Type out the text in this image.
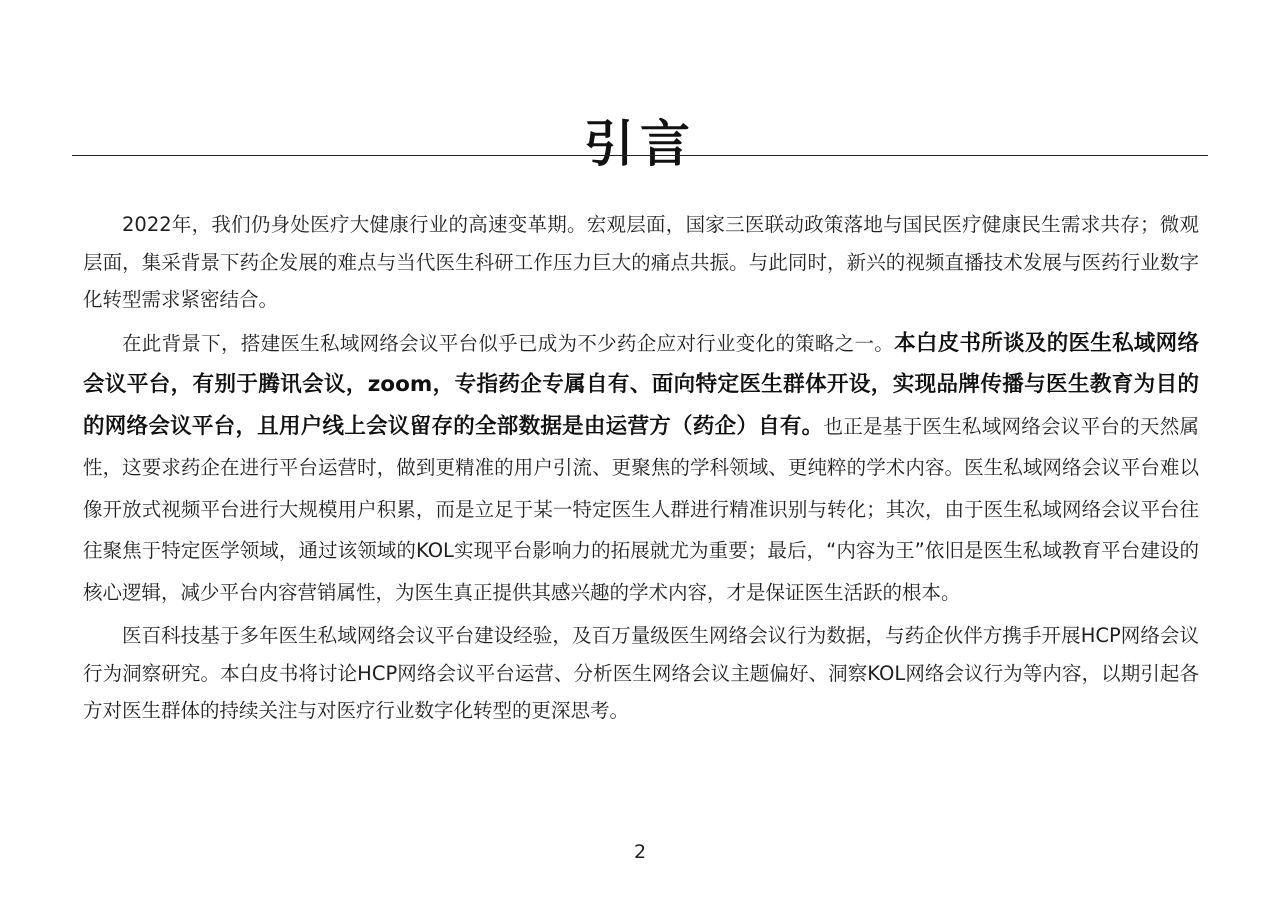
引言

2022年，我们仍身处医疗大健康行业的高速变革期。宏观层面，国家三医联动政策落地与国民医疗健康民生需求共存；微观层面，集采背景下药企发展的难点与当代医生科研工作压力巨大的痛点共振。与此同时，新兴的视频直播技术发展与医药行业数字化转型需求紧密结合。

在此背景下，搭建医生私域网络会议平台似乎已成为不少药企应对行业变化的策略之一。本白皮书所谈及的医生私域网络会议平台，有别于腾讯会议，zoom，专指药企专属自有、面向特定医生群体开设，实现品牌传播与医生教育为目的的网络会议平台，且用户线上会议留存的全部数据是由运营方（药企）自有。也正是基于医生私域网络会议平台的天然属性，这要求药企在进行平台运营时，做到更精准的用户引流、更聚焦的学科领域、更纯粹的学术内容。医生私域网络会议平台难以像开放式视频平台进行大规模用户积累，而是立足于某一特定医生人群进行精准识别与转化；其次，由于医生私域网络会议平台往往聚焦于特定医学领域，通过该领域的KOL实现平台影响力的拓展就尤为重要；最后，“内容为王”依旧是医生私域教育平台建设的核心逻辑，减少平台内容营销属性，为医生真正提供其感兴趣的学术内容，才是保证医生活跃的根本。

医百科技基于多年医生私域网络会议平台建设经验，及百万量级医生网络会议行为数据，与药企伙伴方携手开展HCP网络会议行为洞察研究。本白皮书将讨论HCP网络会议平台运营、分析医生网络会议主题偏好、洞察KOL网络会议行为等内容，以期引起各方对医生群体的持续关注与对医疗行业数字化转型的更深思考。

2
